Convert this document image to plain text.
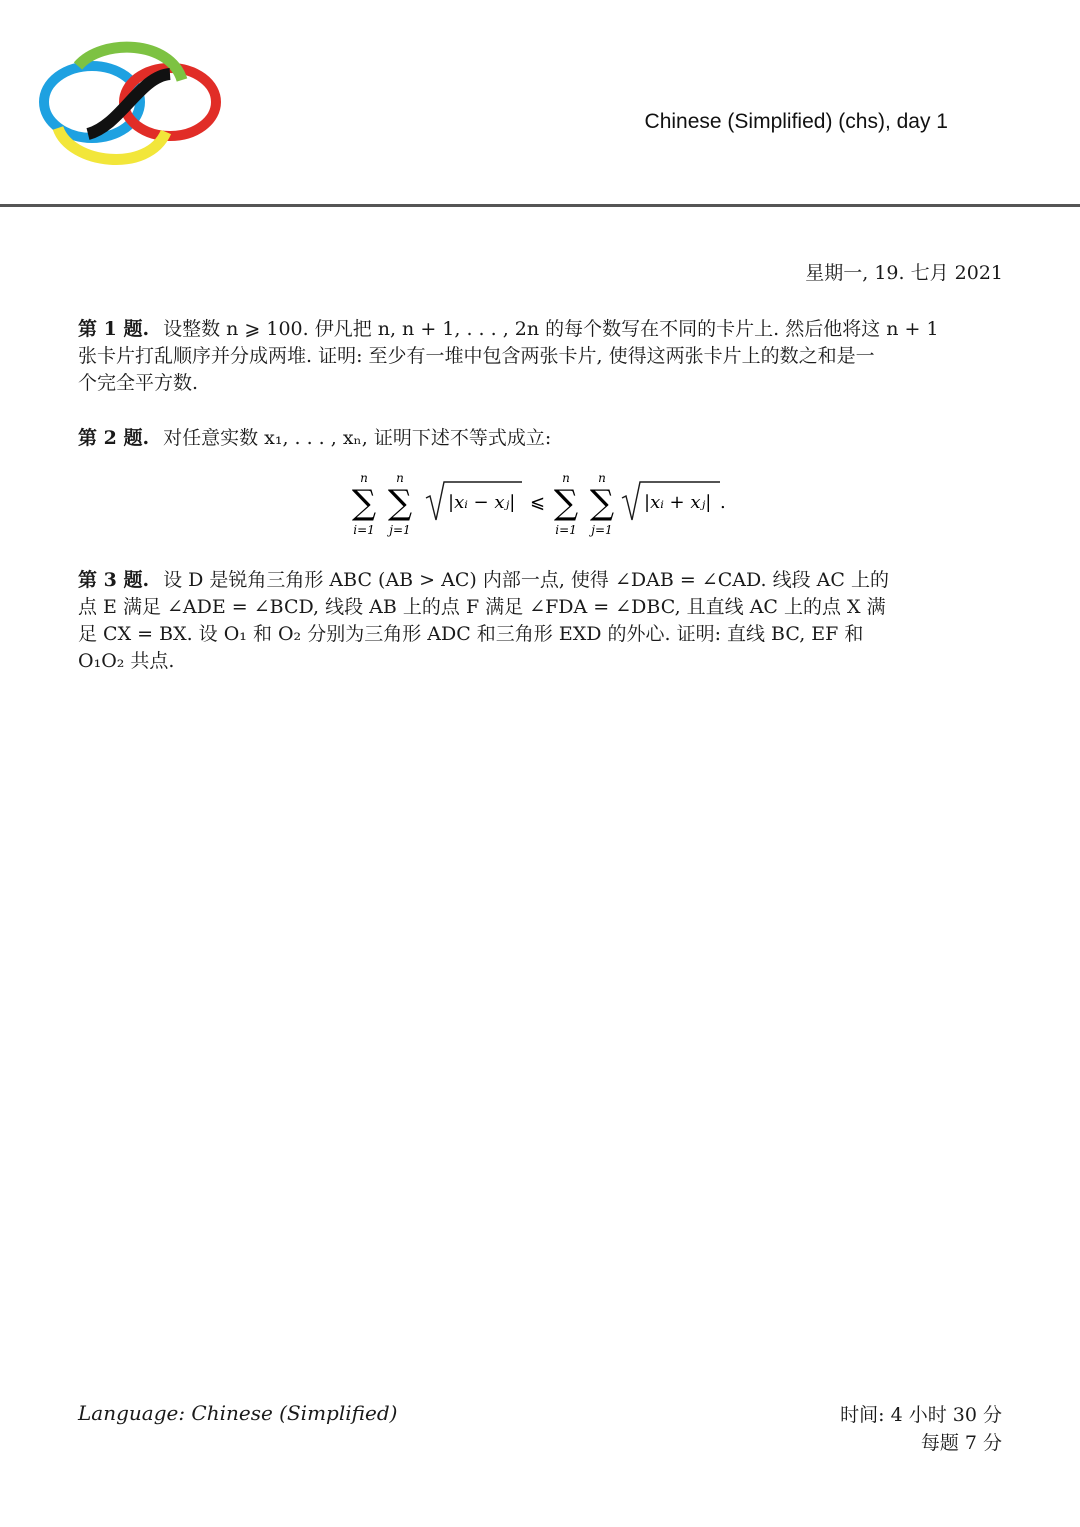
Chinese (Simplified) (chs), day 1
星期一, 19. 七月 2021
第 1 题. 设整数 n ⩾ 100. 伊凡把 n, n + 1, . . . , 2n 的每个数写在不同的卡片上. 然后他将这 n + 1
张卡片打乱顺序并分成两堆. 证明: 至少有一堆中包含两张卡片, 使得这两张卡片上的数之和是一
个完全平方数.
第 2 题. 对任意实数 x₁, . . . , xₙ, 证明下述不等式成立:
n
∑
i=1
n
∑
j=1
|xᵢ − xⱼ| ⩽
n
∑
i=1
n
∑
j=1
|xᵢ + xⱼ| .
第 3 题. 设 D 是锐角三角形 ABC (AB > AC) 内部一点, 使得 ∠DAB = ∠CAD. 线段 AC 上的
点 E 满足 ∠ADE = ∠BCD, 线段 AB 上的点 F 满足 ∠FDA = ∠DBC, 且直线 AC 上的点 X 满
足 CX = BX. 设 O₁ 和 O₂ 分别为三角形 ADC 和三角形 EXD 的外心. 证明: 直线 BC, EF 和
O₁O₂ 共点.
Language: Chinese (Simplified)	时间: 4 小时 30 分
每题 7 分
